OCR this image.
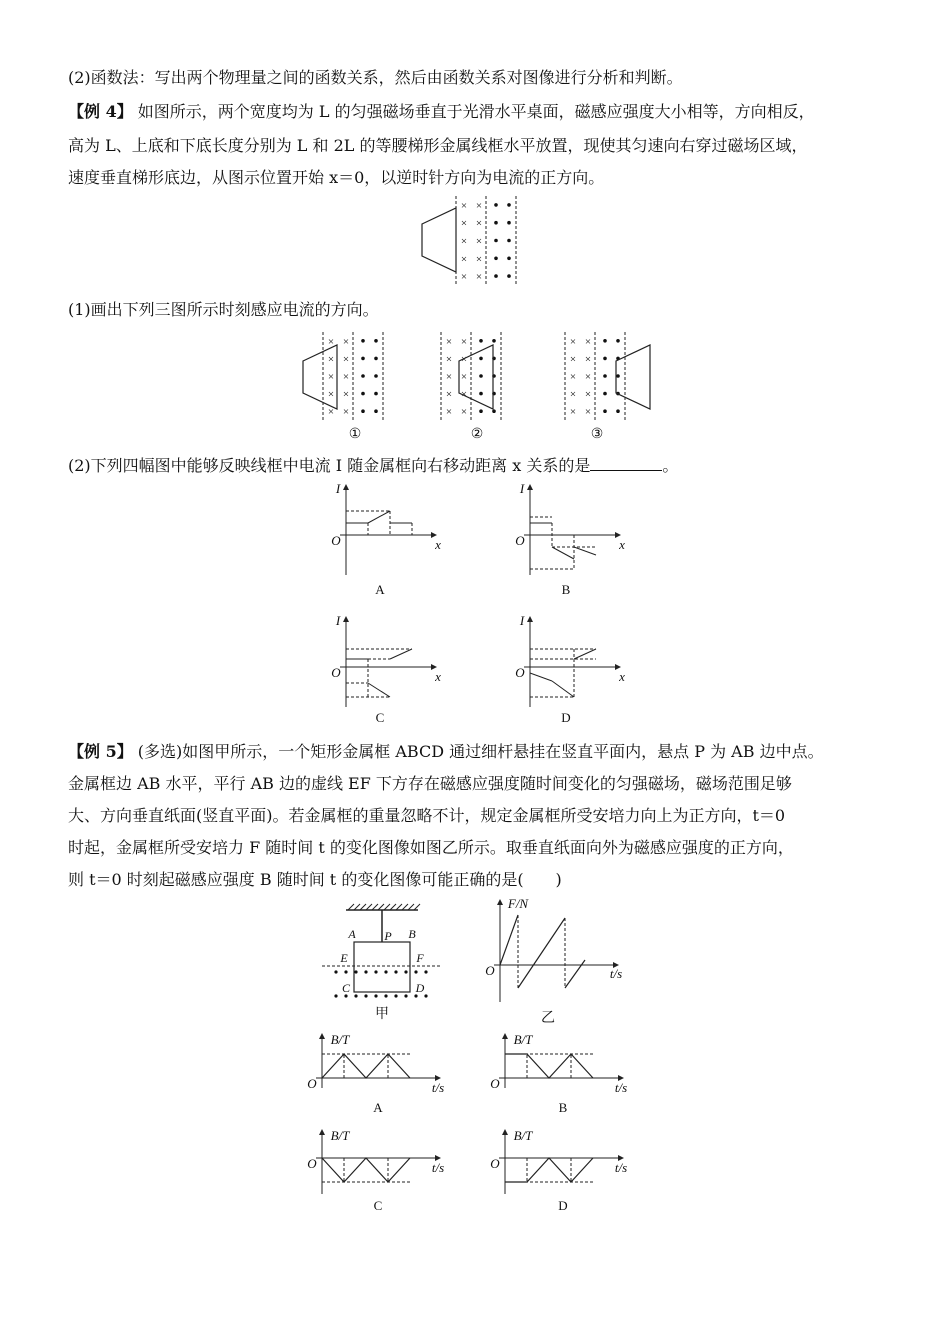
(2)函数法：写出两个物理量之间的函数关系，然后由函数关系对图像进行分析和判断。
【例 4】 如图所示，两个宽度均为 L 的匀强磁场垂直于光滑水平桌面，磁感应强度大小相等，方向相反，
高为 L、上底和下底长度分别为 L 和 2L 的等腰梯形金属线框水平放置，现使其匀速向右穿过磁场区域，
速度垂直梯形底边，从图示位置开始 x＝0，以逆时针方向为电流的正方向。
(1)画出下列三图所示时刻感应电流的方向。
(2)下列四幅图中能够反映线框中电流 I 随金属框向右移动距离 x 关系的是	。
【例 5】 (多选)如图甲所示，一个矩形金属框 ABCD 通过细杆悬挂在竖直平面内，悬点 P 为 AB 边中点。
金属框边 AB 水平，平行 AB 边的虚线 EF 下方存在磁感应强度随时间变化的匀强磁场，磁场范围足够
大、方向垂直纸面(竖直平面)。若金属框的重量忽略不计，规定金属框所受安培力向上为正方向，t＝0
时起，金属框所受安培力 F 随时间 t 的变化图像如图乙所示。取垂直纸面向外为磁感应强度的正方向，
则 t＝0 时刻起磁感应强度 B 随时间 t 的变化图像可能正确的是(　　)
× ×
× ×
× ×
× ×
× ×
× ×
× ×
× ×
× ×
× ×
①
× ×
× ×
× ×
× ×
× ×
②
× ×
× ×
× ×
× ×
× ×
③
I
x
O
A
I
x
O
B
I
x
O
C
I
x
O
D
A P B
E	F
C	D
甲
O
F/N
t/s
乙
O
B/T
t/s
A
O
B/T
t/s
B
O
B/T
t/s
C
O
B/T
t/s
D
